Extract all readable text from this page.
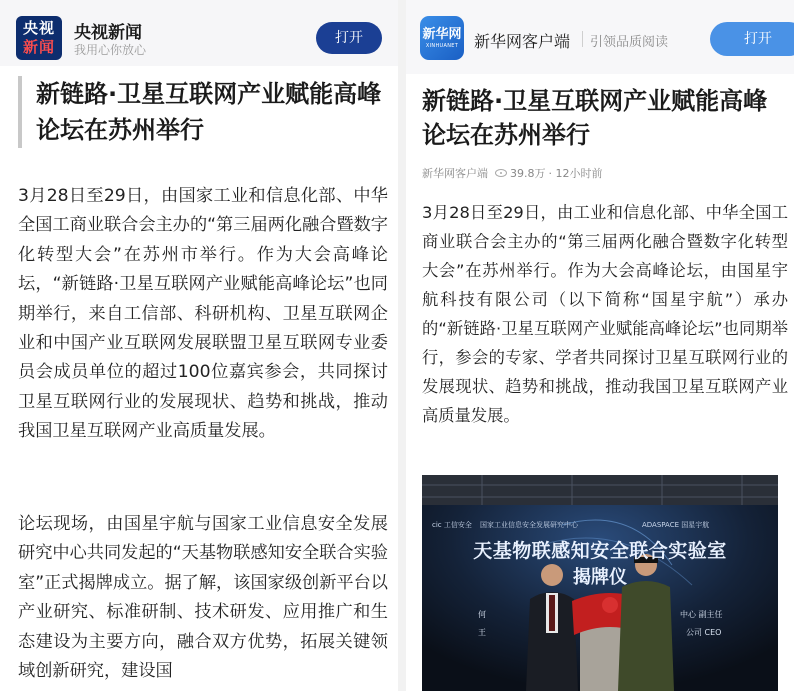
央视
新闻
央视新闻
我用心你放心
打开
新链路·卫星互联网产业赋能高峰论坛在苏州举行

3月28日至29日，由国家工业和信息化部、中华全国工商业联合会主办的“第三届两化融合暨数字化转型大会”在苏州市举行。作为大会高峰论坛，“新链路·卫星互联网产业赋能高峰论坛”也同期举行，来自工信部、科研机构、卫星互联网企业和中国产业互联网发展联盟卫星互联网专业委员会成员单位的超过100位嘉宾参会，共同探讨卫星互联网行业的发展现状、趋势和挑战，推动我国卫星互联网产业高质量发展。

论坛现场，由国星宇航与国家工业信息安全发展研究中心共同发起的“天基物联感知安全联合实验室”正式揭牌成立。据了解，该国家级创新平台以产业研究、标准研制、技术研发、应用推广和生态建设为主要方向，融合双方优势，拓展关键领域创新研究，建设国

新华网
XINHUANET 新华网客户端 引领品质阅读	打开
新链路·卫星互联网产业赋能高峰论坛在苏州举行
新华网客户端 39.8万 · 12小时前

3月28日至29日，由工业和信息化部、中华全国工商业联合会主办的“第三届两化融合暨数字化转型大会”在苏州举行。作为大会高峰论坛，由国星宇航科技有限公司（以下简称“国星宇航”）承办的“新链路·卫星互联网产业赋能高峰论坛”也同期举行，参会的专家、学者共同探讨卫星互联网行业的发展现状、趋势和挑战，推动我国卫星互联网产业高质量发展。

cic 工信安全 国家工业信息安全发展研究中心	ADASPACE 国星宇航
天基物联感知安全联合实验室
揭牌仪
何
王
中心 副主任
公司 CEO
